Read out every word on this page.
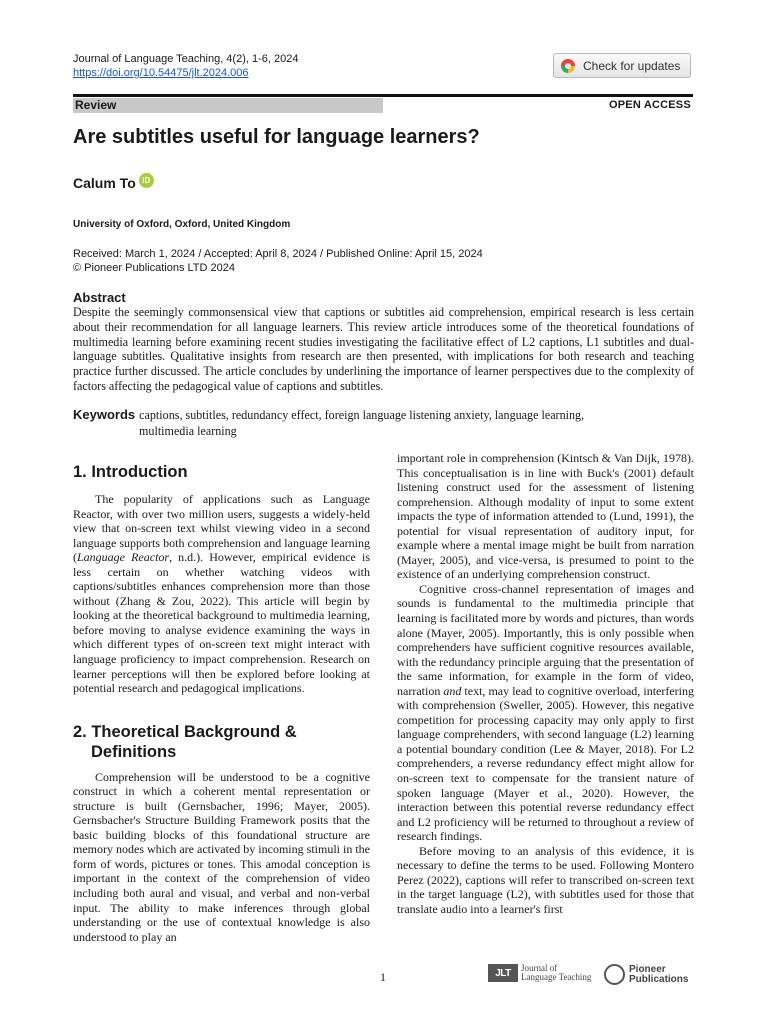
Journal of Language Teaching, 4(2), 1-6, 2024
https://doi.org/10.54475/jlt.2024.006
Check for updates
Review	OPEN ACCESS
Are subtitles useful for language learners?
Calum To iD
University of Oxford, Oxford, United Kingdom
Received: March 1, 2024 / Accepted: April 8, 2024 / Published Online: April 15, 2024
© Pioneer Publications LTD 2024
Abstract

Despite the seemingly commonsensical view that captions or subtitles aid comprehension, empirical research is less certain about their recommendation for all language learners. This review article introduces some of the theoretical foundations of multimedia learning before examining recent studies investigating the facilitative effect of L2 captions, L1 subtitles and dual-language subtitles. Qualitative insights from research are then presented, with implications for both research and teaching practice further discussed. The article concludes by underlining the importance of learner perspectives due to the complexity of factors affecting the pedagogical value of captions and subtitles.

Keywords captions, subtitles, redundancy effect, foreign language listening anxiety, language learning,
multimedia learning
1. Introduction

The popularity of applications such as Language Reactor, with over two million users, suggests a widely-held view that on-screen text whilst viewing video in a second language supports both comprehension and language learning (Language Reactor, n.d.). However, empirical evidence is less certain on whether watching videos with captions/subtitles enhances comprehension more than those without (Zhang & Zou, 2022). This article will begin by looking at the theoretical background to multimedia learning, before moving to analyse evidence examining the ways in which different types of on-screen text might interact with language proficiency to impact comprehension. Research on learner perceptions will then be explored before looking at potential research and pedagogical implications.

2. Theoretical Background &
Definitions

Comprehension will be understood to be a cognitive construct in which a coherent mental representation or structure is built (Gernsbacher, 1996; Mayer, 2005). Gernsbacher's Structure Building Framework posits that the basic building blocks of this foundational structure are memory nodes which are activated by incoming stimuli in the form of words, pictures or tones. This amodal conception is important in the context of the comprehension of video including both aural and visual, and verbal and non-verbal input. The ability to make inferences through global understanding or the use of contextual knowledge is also understood to play an

important role in comprehension (Kintsch & Van Dijk, 1978). This conceptualisation is in line with Buck's (2001) default listening construct used for the assessment of listening comprehension. Although modality of input to some extent impacts the type of information attended to (Lund, 1991), the potential for visual representation of auditory input, for example where a mental image might be built from narration (Mayer, 2005), and vice-versa, is presumed to point to the existence of an underlying comprehension construct.

Cognitive cross-channel representation of images and sounds is fundamental to the multimedia principle that learning is facilitated more by words and pictures, than words alone (Mayer, 2005). Importantly, this is only possible when comprehenders have sufficient cognitive resources available, with the redundancy principle arguing that the presentation of the same information, for example in the form of video, narration and text, may lead to cognitive overload, interfering with comprehension (Sweller, 2005). However, this negative competition for processing capacity may only apply to first language comprehenders, with second language (L2) learning a potential boundary condition (Lee & Mayer, 2018). For L2 comprehenders, a reverse redundancy effect might allow for on-screen text to compensate for the transient nature of spoken language (Mayer et al., 2020). However, the interaction between this potential reverse redundancy effect and L2 proficiency will be returned to throughout a review of research findings.

Before moving to an analysis of this evidence, it is necessary to define the terms to be used. Following Montero Perez (2022), captions will refer to transcribed on-screen text in the target language (L2), with subtitles used for those that translate audio into a learner's first

1	JLT	Journal of
Language Teaching
Pioneer
Publications
